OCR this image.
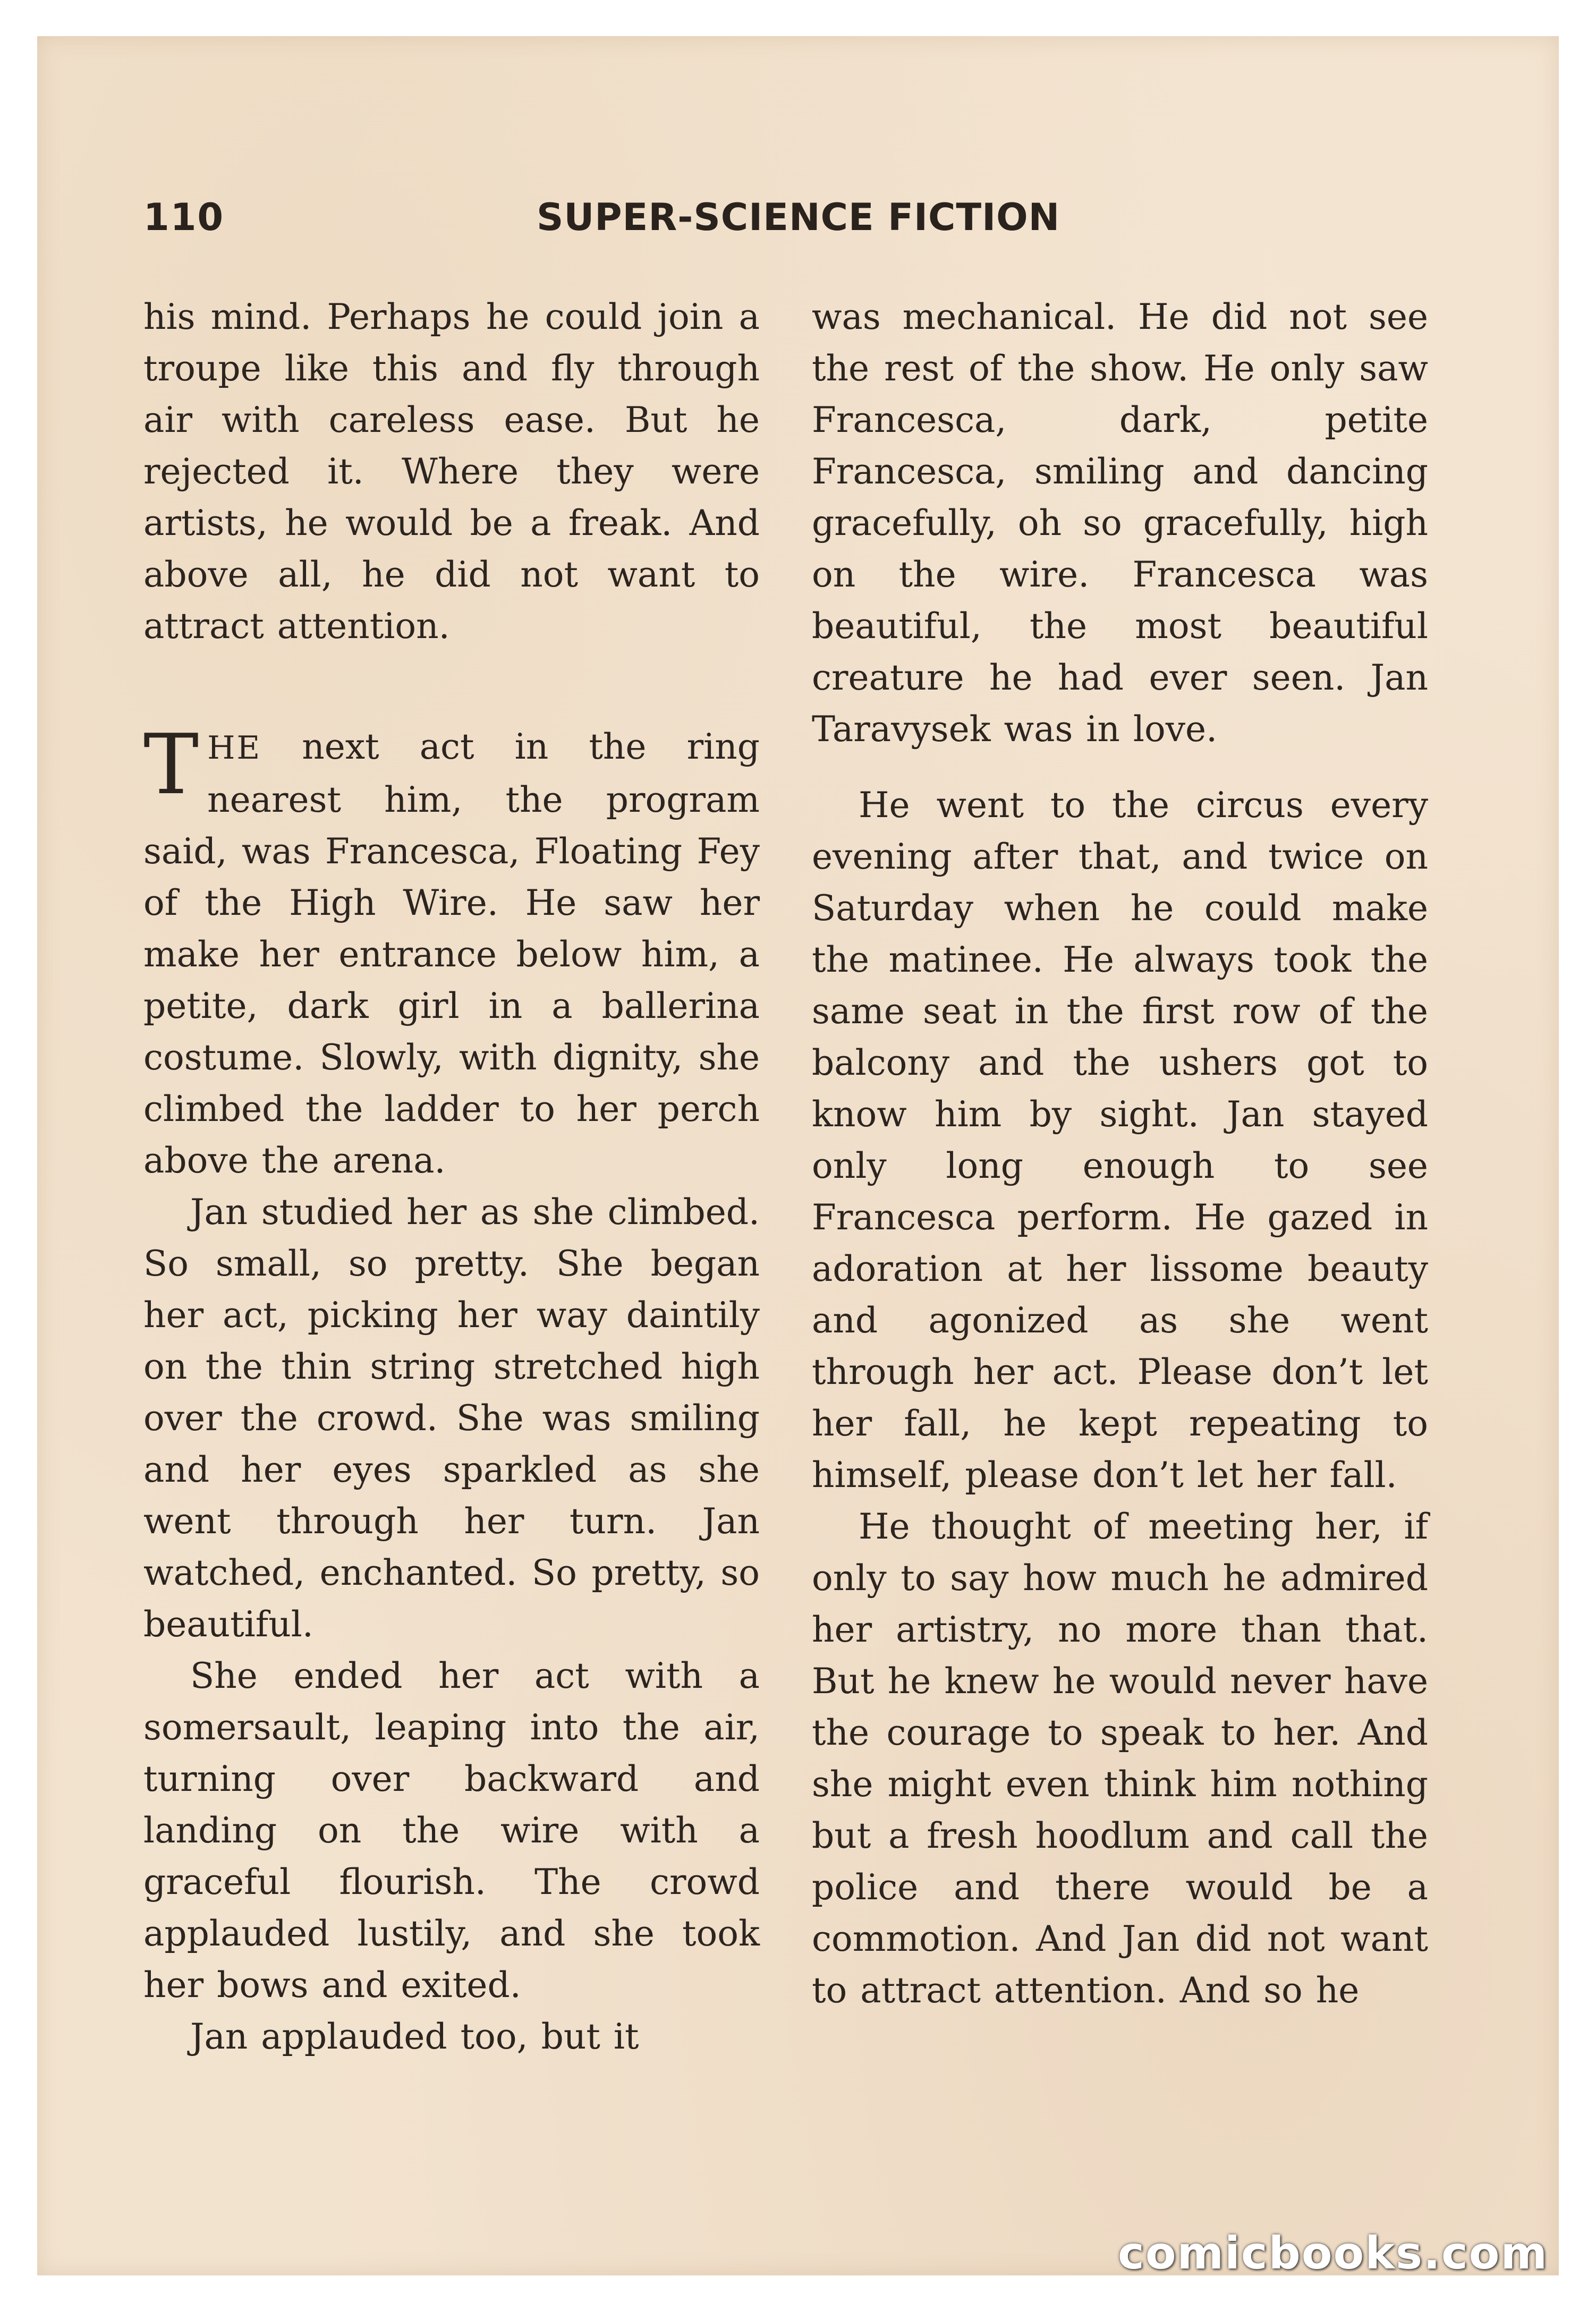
110	SUPER-SCIENCE FICTION

his mind. Perhaps he could join a troupe like this and fly through air with careless ease. But he rejected it. Where they were artists, he would be a freak. And above all, he did not want to attract attention.

THE next act in the ring nearest him, the program said, was Francesca, Floating Fey of the High Wire. He saw her make her entrance below him, a petite, dark girl in a ballerina costume. Slowly, with dignity, she climbed the ladder to her perch above the arena.

Jan studied her as she climbed. So small, so pretty. She began her act, picking her way daintily on the thin string stretched high over the crowd. She was smiling and her eyes sparkled as she went through her turn. Jan watched, enchanted. So pretty, so beautiful.

She ended her act with a somersault, leaping into the air, turning over backward and landing on the wire with a graceful flourish. The crowd applauded lustily, and she took her bows and exited.

Jan applauded too, but it

was mechanical. He did not see the rest of the show. He only saw Francesca, dark, petite Francesca, smiling and dancing gracefully, oh so gracefully, high on the wire. Francesca was beautiful, the most beautiful creature he had ever seen. Jan Taravysek was in love.

He went to the circus every evening after that, and twice on Saturday when he could make the matinee. He always took the same seat in the first row of the balcony and the ushers got to know him by sight. Jan stayed only long enough to see Francesca perform. He gazed in adoration at her lissome beauty and agonized as she went through her act. Please don’t let her fall, he kept repeating to himself, please don’t let her fall.

He thought of meeting her, if only to say how much he admired her artistry, no more than that. But he knew he would never have the courage to speak to her. And she might even think him nothing but a fresh hoodlum and call the police and there would be a commotion. And Jan did not want to attract attention. And so he

comicbooks.com
